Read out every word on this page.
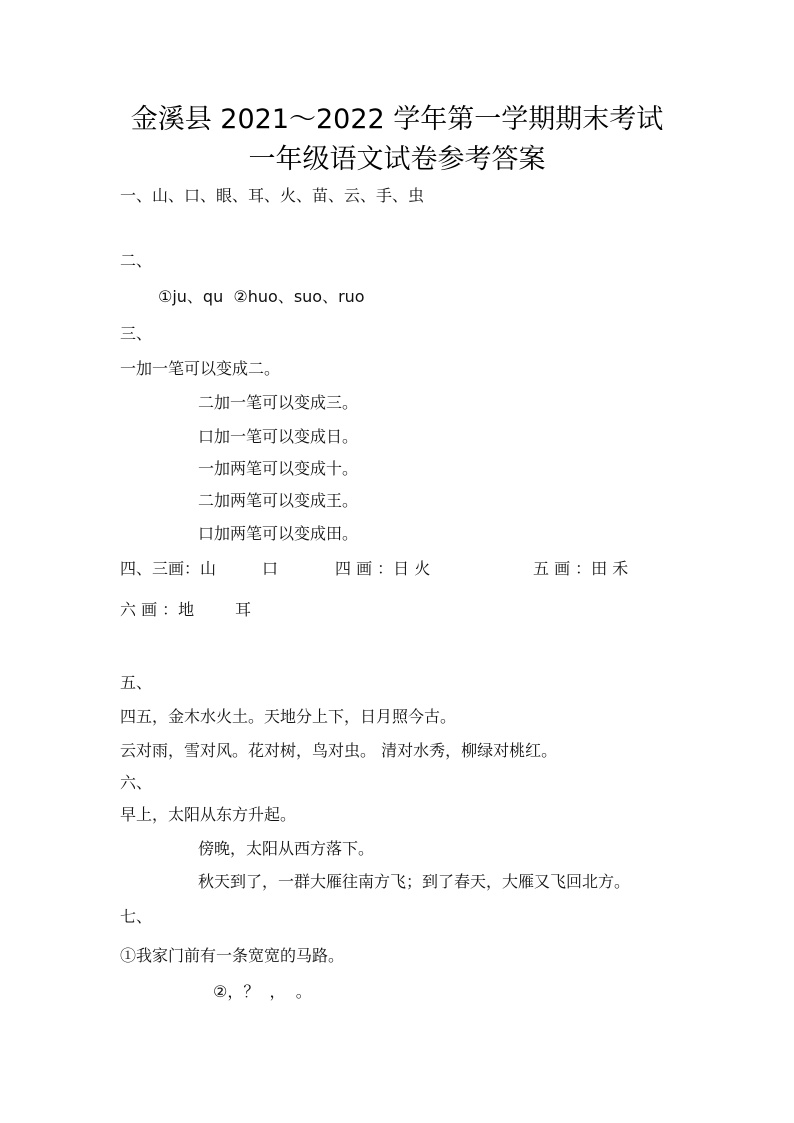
金溪县 2021～2022 学年第一学期期末考试
一年级语文试卷参考答案
一、山、口、眼、耳、火、苗、云、手、虫
二、
①ju、qu  ②huo、suo、ruo
三、
一加一笔可以变成二。
二加一笔可以变成三。
口加一笔可以变成日。
一加两笔可以变成十。
二加两笔可以变成王。
口加两笔可以变成田。
四、三画：山	口	四 画 ：日 火	五 画 ：田 禾
六 画 ：地	耳
五、
四五，金木水火土。天地分上下，日月照今古。
云对雨，雪对风。花对树，鸟对虫。 清对水秀，柳绿对桃红。
六、
早上，太阳从东方升起。
傍晚，太阳从西方落下。
秋天到了，一群大雁往南方飞；到了春天，大雁又飞回北方。
七、
①我家门前有一条宽宽的马路。
②，？  ，  。
